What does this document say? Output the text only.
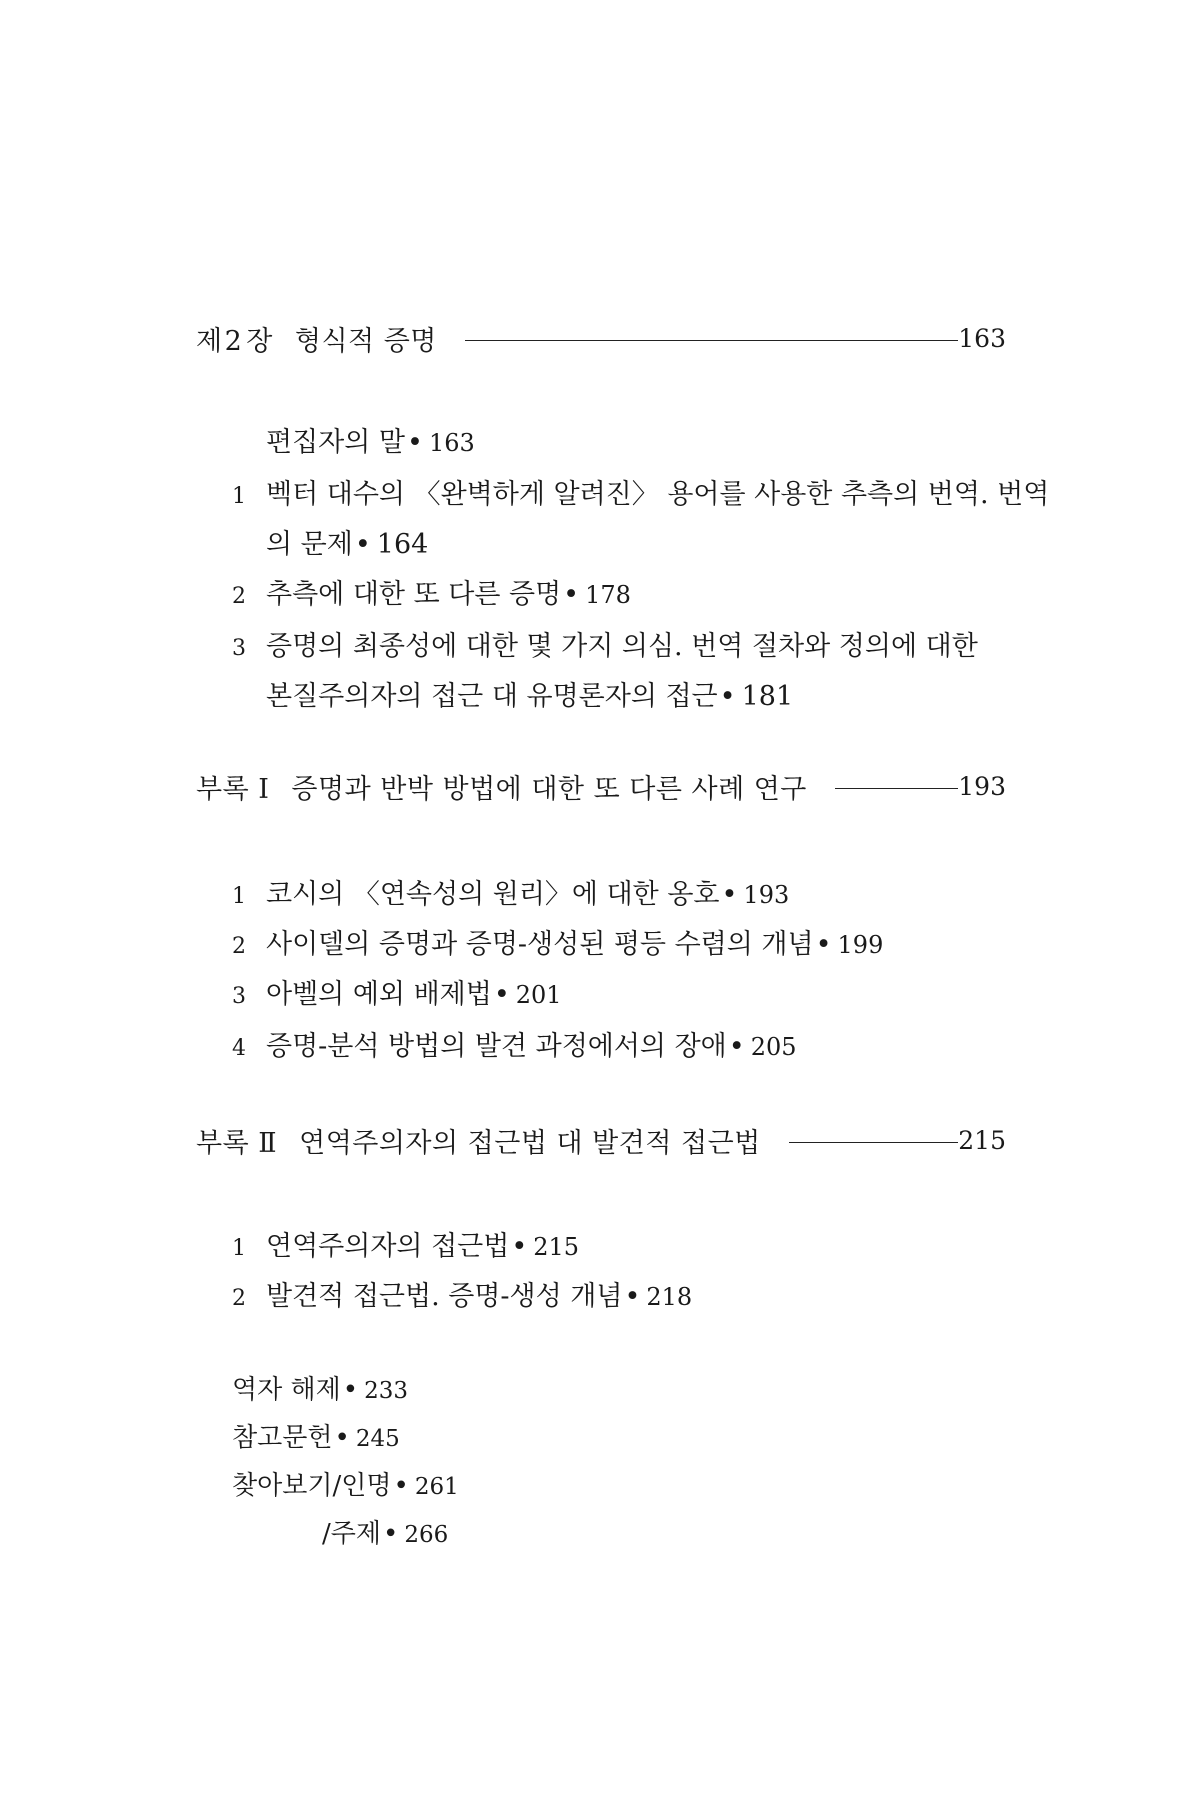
제2 장 형식적 증명	163
편집자의 말• 163
1 벡터 대수의 〈완벽하게 알려진〉 용어를 사용한 추측의 번역. 번역
의 문제• 164
2 추측에 대한 또 다른 증명• 178
3 증명의 최종성에 대한 몇 가지 의심. 번역 절차와 정의에 대한
본질주의자의 접근 대 유명론자의 접근• 181
부록 Ⅰ 증명과 반박 방법에 대한 또 다른 사례 연구	193
1 코시의 〈연속성의 원리〉에 대한 옹호• 193
2 사이델의 증명과 증명-생성된 평등 수렴의 개념• 199
3 아벨의 예외 배제법• 201
4 증명-분석 방법의 발견 과정에서의 장애• 205
부록 Ⅱ 연역주의자의 접근법 대 발견적 접근법	215
1 연역주의자의 접근법• 215
2 발견적 접근법. 증명-생성 개념• 218
역자 해제• 233
참고문헌• 245
찾아보기/인명• 261
/주제• 266
